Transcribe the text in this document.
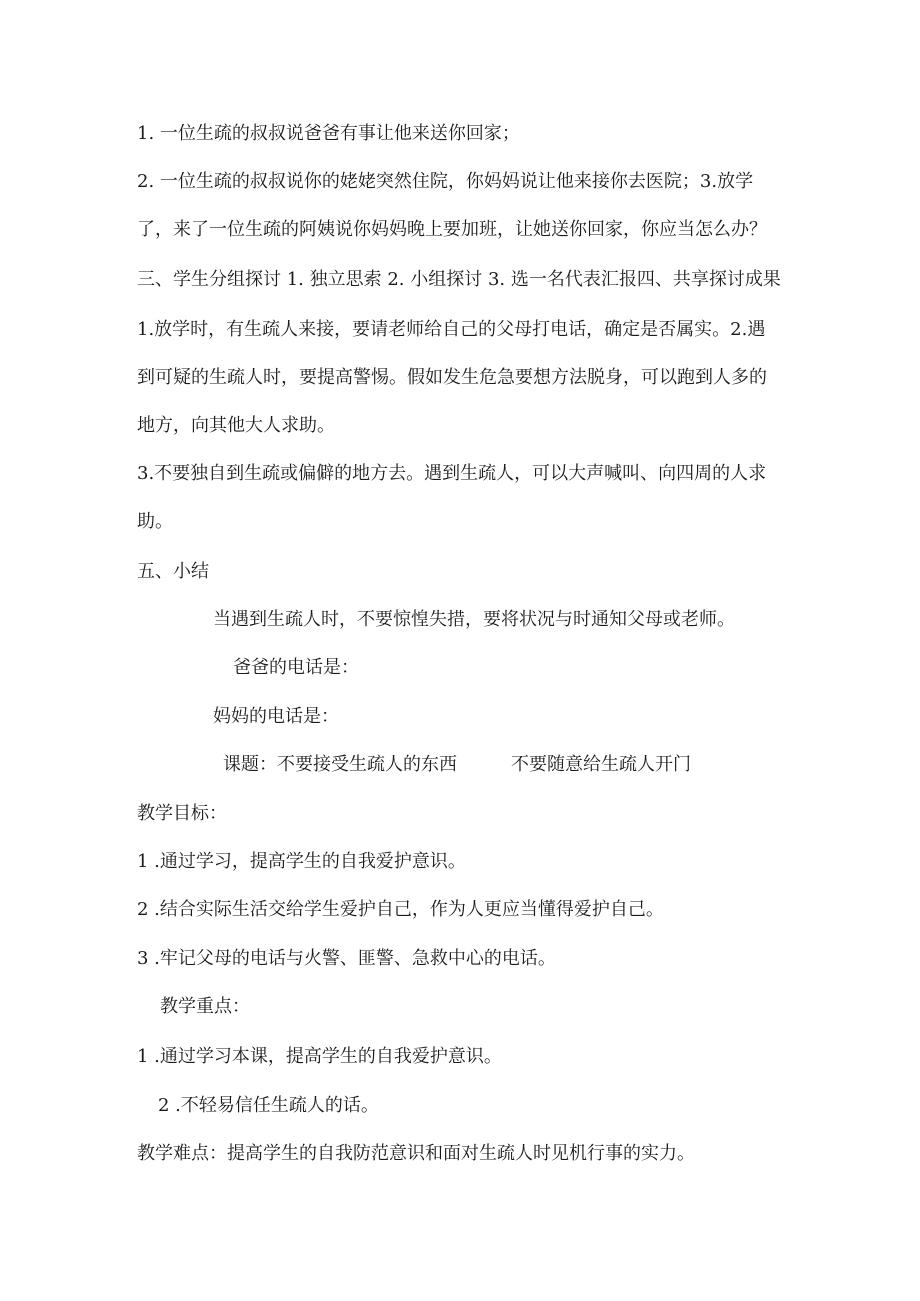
1. 一位生疏的叔叔说爸爸有事让他来送你回家；
2. 一位生疏的叔叔说你的姥姥突然住院，你妈妈说让他来接你去医院；3.放学
了，来了一位生疏的阿姨说你妈妈晚上要加班，让她送你回家，你应当怎么办？
三、学生分组探讨 1. 独立思索 2. 小组探讨 3. 选一名代表汇报四、共享探讨成果
1.放学时，有生疏人来接，要请老师给自己的父母打电话，确定是否属实。2.遇
到可疑的生疏人时，要提高警惕。假如发生危急要想方法脱身，可以跑到人多的
地方，向其他大人求助。
3.不要独自到生疏或偏僻的地方去。遇到生疏人，可以大声喊叫、向四周的人求
助。
五、小结
当遇到生疏人时，不要惊惶失措，要将状况与时通知父母或老师。
爸爸的电话是：
妈妈的电话是：
课题：不要接受生疏人的东西　　　不要随意给生疏人开门
教学目标：
1 .通过学习，提高学生的自我爱护意识。
2 .结合实际生活交给学生爱护自己，作为人更应当懂得爱护自己。
3 .牢记父母的电话与火警、匪警、急救中心的电话。
教学重点：
1 .通过学习本课，提高学生的自我爱护意识。
2 .不轻易信任生疏人的话。
教学难点：提高学生的自我防范意识和面对生疏人时见机行事的实力。
